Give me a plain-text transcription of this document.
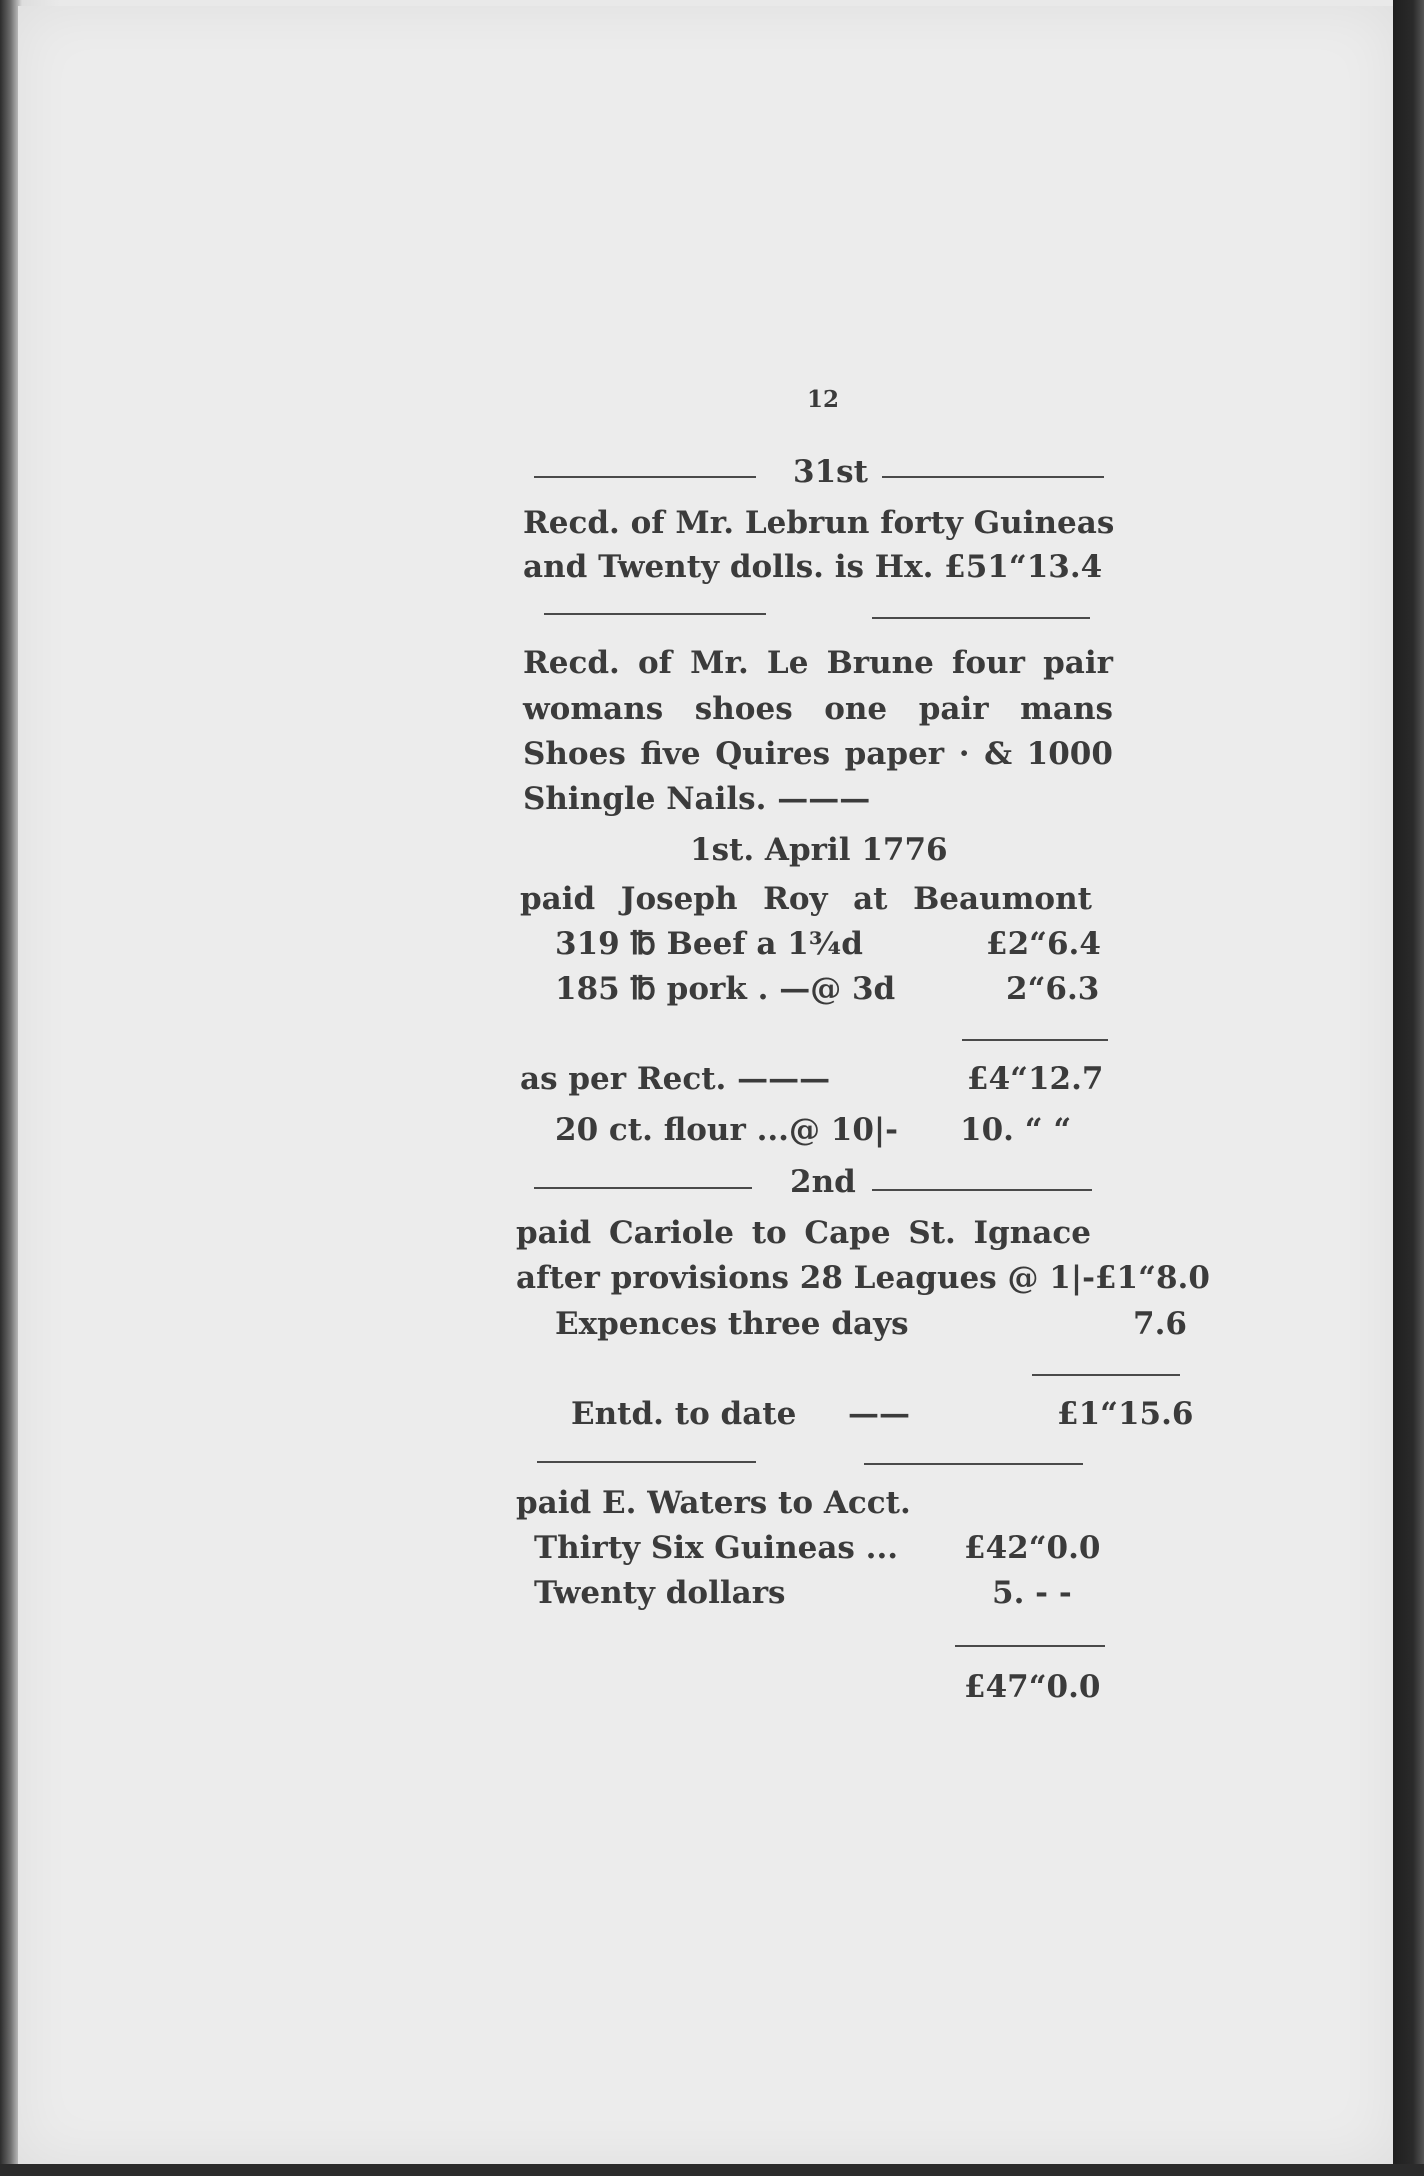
12
31st
Recd. of Mr. Lebrun forty Guineas
and Twenty dolls. is Hx. £51“13.4
Recd. of Mr. Le Brune four pair
womans shoes one pair mans
Shoes five Quires paper · & 1000
Shingle Nails. ———
1st. April 1776
paid Joseph Roy at Beaumont
319 ℔ Beef a 1¾d	£2“6.4
185 ℔ pork . —@ 3d	2“6.3
as per Rect. ———	£4“12.7
20 ct. flour ...@ 10|- 10. “ “
2nd
paid Cariole to Cape St. Ignace
after provisions 28 Leagues @ 1|-£1“8.0
Expences three days	7.6
Entd. to date ——	£1“15.6
paid E. Waters to Acct.
Thirty Six Guineas ... £42“0.0
Twenty dollars	5. - -
£47“0.0
